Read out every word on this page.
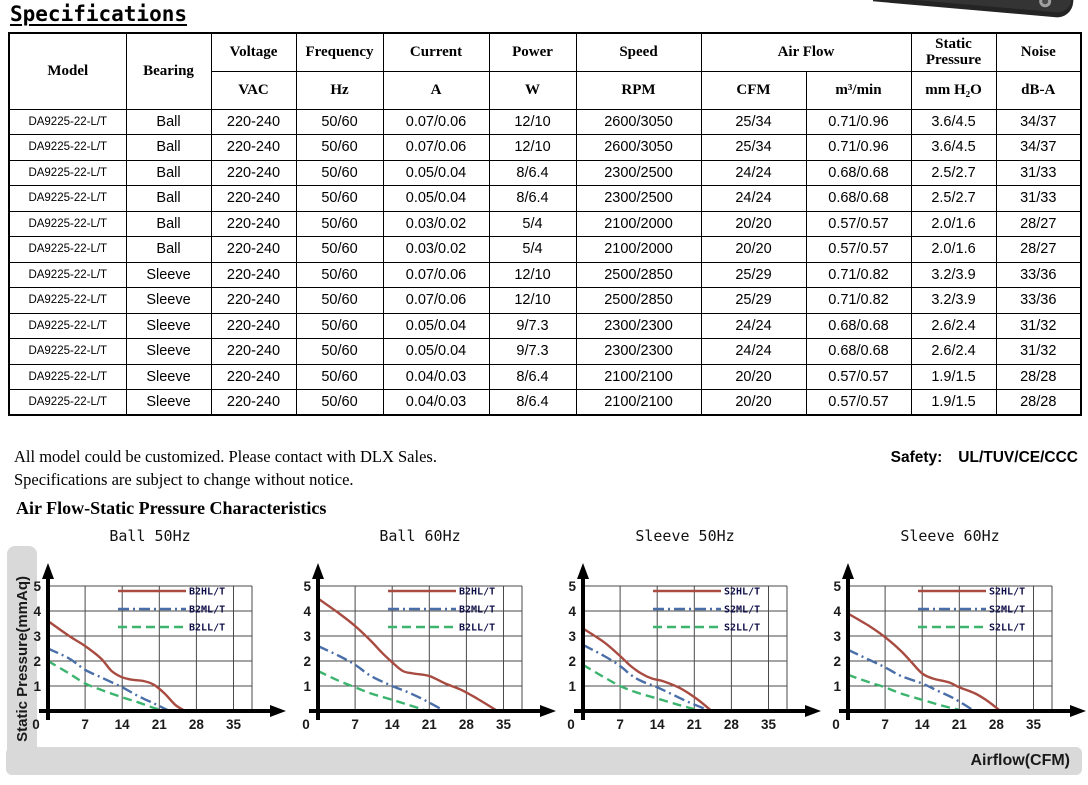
Specifications
Model	Bearing	Voltage	Frequency	Current	Power	Speed	Air Flow		Static Pressure	Noise
		VAC	Hz	A	W	RPM	CFM	m³/min	mm H₂O	dB-A
DA9225-22-L/T	Ball	220-240	50/60	0.07/0.06	12/10	2600/3050	25/34	0.71/0.96	3.6/4.5	34/37
DA9225-22-L/T	Ball	220-240	50/60	0.07/0.06	12/10	2600/3050	25/34	0.71/0.96	3.6/4.5	34/37
DA9225-22-L/T	Ball	220-240	50/60	0.05/0.04	8/6.4	2300/2500	24/24	0.68/0.68	2.5/2.7	31/33
DA9225-22-L/T	Ball	220-240	50/60	0.05/0.04	8/6.4	2300/2500	24/24	0.68/0.68	2.5/2.7	31/33
DA9225-22-L/T	Ball	220-240	50/60	0.03/0.02	5/4	2100/2000	20/20	0.57/0.57	2.0/1.6	28/27
DA9225-22-L/T	Ball	220-240	50/60	0.03/0.02	5/4	2100/2000	20/20	0.57/0.57	2.0/1.6	28/27
DA9225-22-L/T	Sleeve	220-240	50/60	0.07/0.06	12/10	2500/2850	25/29	0.71/0.82	3.2/3.9	33/36
DA9225-22-L/T	Sleeve	220-240	50/60	0.07/0.06	12/10	2500/2850	25/29	0.71/0.82	3.2/3.9	33/36
DA9225-22-L/T	Sleeve	220-240	50/60	0.05/0.04	9/7.3	2300/2300	24/24	0.68/0.68	2.6/2.4	31/32
DA9225-22-L/T	Sleeve	220-240	50/60	0.05/0.04	9/7.3	2300/2300	24/24	0.68/0.68	2.6/2.4	31/32
DA9225-22-L/T	Sleeve	220-240	50/60	0.04/0.03	8/6.4	2100/2100	20/20	0.57/0.57	1.9/1.5	28/28
DA9225-22-L/T	Sleeve	220-240	50/60	0.04/0.03	8/6.4	2100/2100	20/20	0.57/0.57	1.9/1.5	28/28
All model could be customized. Please contact with DLX Sales.
Specifications are subject to change without notice.
Safety: UL/TUV/CE/CCC
Air Flow-Static Pressure Characteristics
Static Pressure(mmAq)
Ball 50Hz
0	7 14 21 28 35
1
2
3
4
5	B2HL/T
B2ML/T
B2LL/T
Ball 60Hz
0	7 14 21 28 35
1
2
3
4
5	B2HL/T
B2ML/T
B2LL/T
Sleeve 50Hz
0	7 14 21 28 35
1
2
3
4
5	S2HL/T
S2ML/T
S2LL/T
Sleeve 60Hz
0	7 14 21 28 35
1
2
3
4
5	S2HL/T
S2ML/T
S2LL/T
Airflow(CFM)
